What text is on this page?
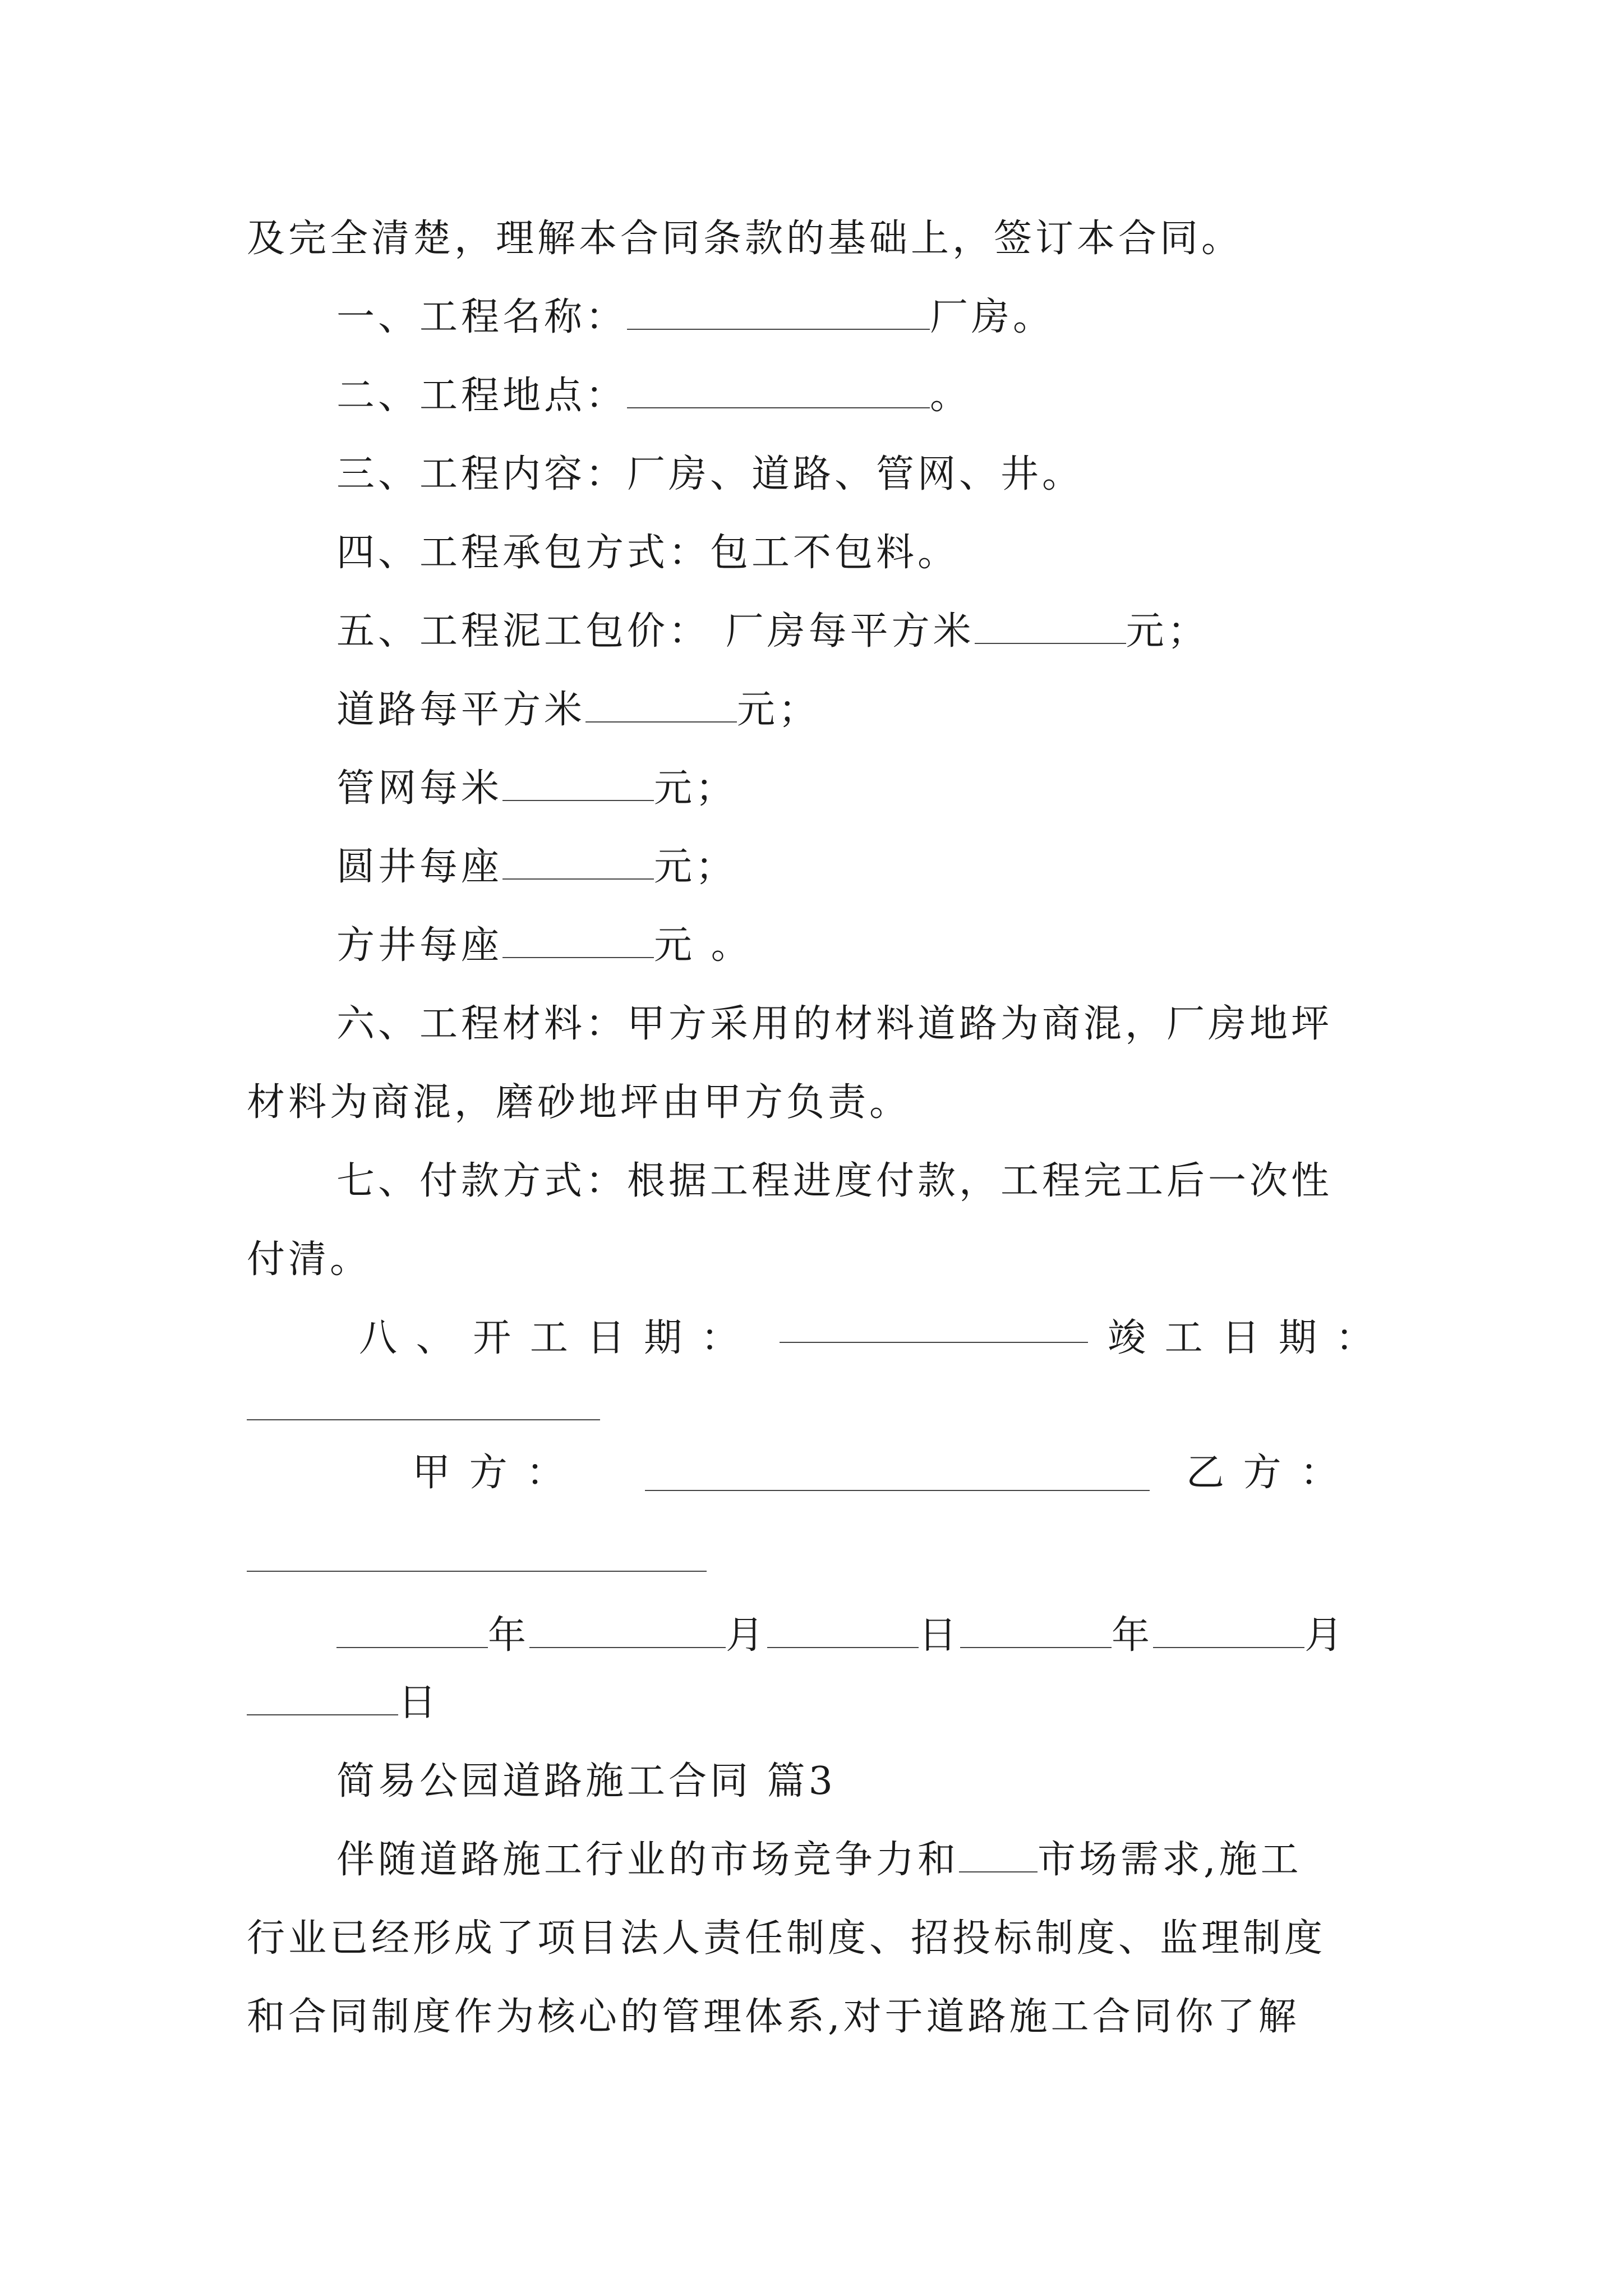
及完全清楚，理解本合同条款的基础上，签订本合同。
一、工程名称：	厂房。
二、工程地点：	。
三、工程内容：厂房、道路、管网、井。
四、工程承包方式：包工不包料。
五、工程泥工包价： 厂房每平方米	元；
道路每平方米	元；
管网每米	元；
圆井每座	元；
方井每座	元 。
六、工程材料：甲方采用的材料道路为商混，厂房地坪
材料为商混，磨砂地坪由甲方负责。
七、付款方式：根据工程进度付款，工程完工后一次性
付清。
八 、 开 工 日 期 ：	竣 工 日 期 ：
甲 方 ：	乙 方 ：
年	月	日	年	月
日
简易公园道路施工合同 篇3
伴随道路施工行业的市场竞争力和 市场需求,施工
行业已经形成了项目法人责任制度、招投标制度、监理制度
和合同制度作为核心的管理体系,对于道路施工合同你了解
